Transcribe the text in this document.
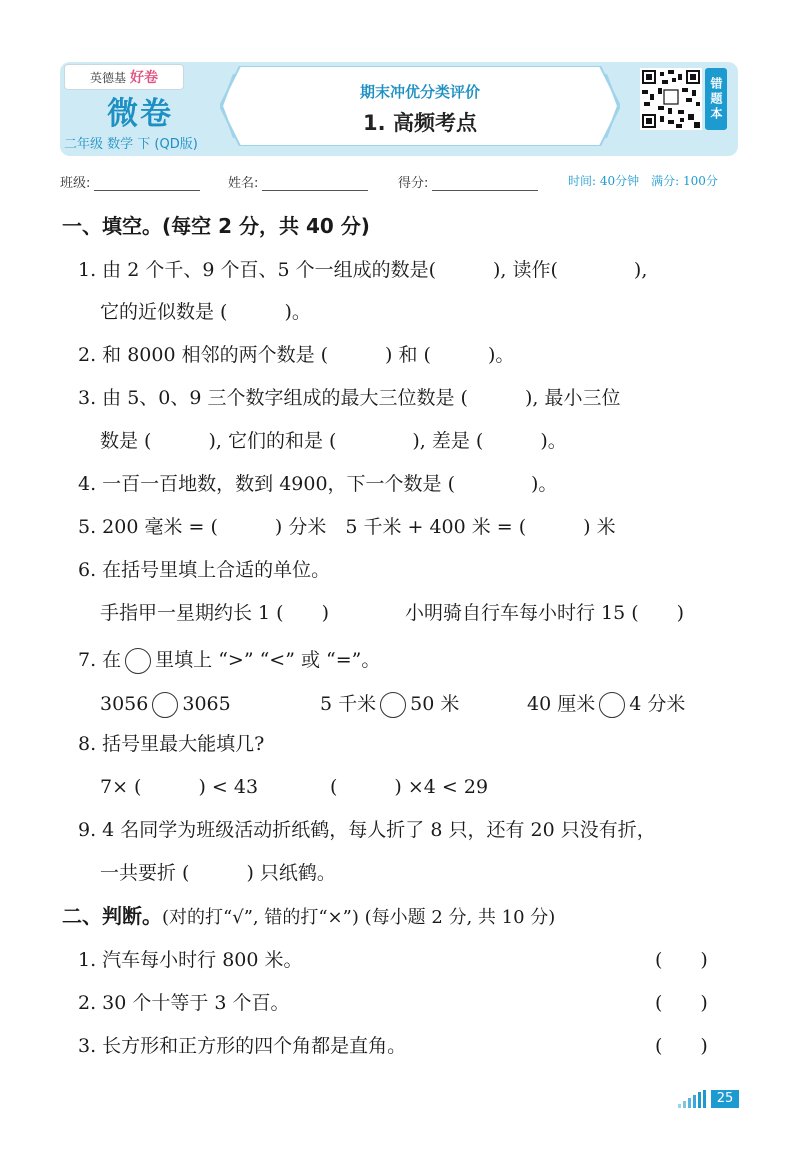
英德基 好卷
微卷
二年级 数学 下 (QD版)
期末冲优分类评价
1. 高频考点
错题本
班级:	姓名:	得分:	时间: 40分钟　满分: 100分
一、填空。(每空 2 分，共 40 分)
1. 由 2 个千、9 个百、5 个一组成的数是(　　　), 读作(　　　　),
它的近似数是 (　　　)。
2. 和 8000 相邻的两个数是 (　　　) 和 (　　　)。
3. 由 5、0、9 三个数字组成的最大三位数是 (　　　), 最小三位
数是 (　　　), 它们的和是 (　　　　), 差是 (　　　)。
4. 一百一百地数，数到 4900，下一个数是 (　　　　)。
5. 200 毫米 = (　　　) 分米　5 千米 + 400 米 = (　　　) 米
6. 在括号里填上合适的单位。
手指甲一星期约长 1 (　　)	小明骑自行车每小时行 15 (　　)
7. 在 里填上 “>” “<” 或 “=”。
3056 3065	5 千米 50 米	40 厘米 4 分米
8. 括号里最大能填几?
7× (　　　) < 43	(　　　) ×4 < 29
9. 4 名同学为班级活动折纸鹤，每人折了 8 只，还有 20 只没有折，
一共要折 (　　　) 只纸鹤。
二、判断。(对的打“√”, 错的打“×”) (每小题 2 分, 共 10 分)
1. 汽车每小时行 800 米。	(　　)
2. 30 个十等于 3 个百。	(　　)
3. 长方形和正方形的四个角都是直角。	(　　)
25
